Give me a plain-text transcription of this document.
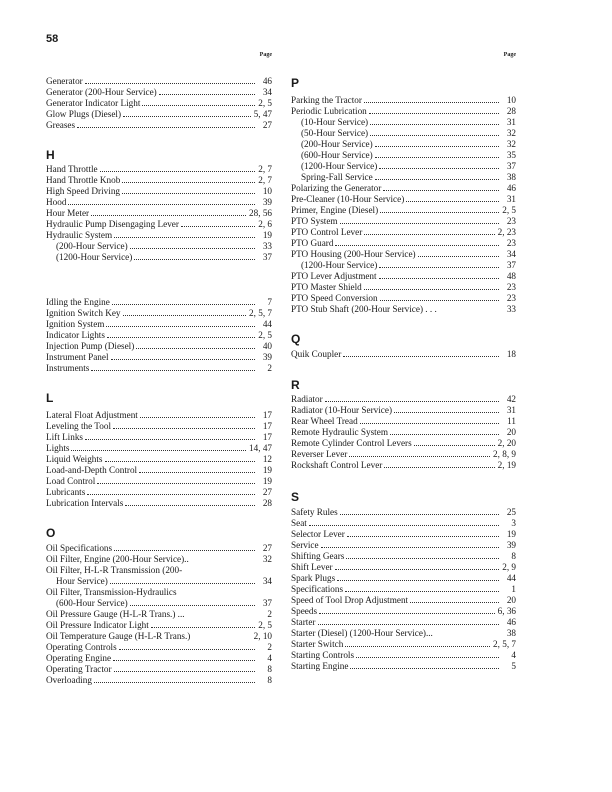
58
Page
Generator	46
Generator (200-Hour Service)	34
Generator Indicator Light	2, 5
Glow Plugs (Diesel)	5, 47
Greases	27
H
Hand Throttle	2, 7
Hand Throttle Knob	2, 7
High Speed Driving	10
Hood	39
Hour Meter	28, 56
Hydraulic Pump Disengaging Lever	2, 6
Hydraulic System	19
(200-Hour Service)	33
(1200-Hour Service)	37
Idling the Engine	7
Ignition Switch Key	2, 5, 7
Ignition System	44
Indicator Lights	2, 5
Injection Pump (Diesel)	40
Instrument Panel	39
Instruments	2
L
Lateral Float Adjustment	17
Leveling the Tool	17
Lift Links	17
Lights	14, 47
Liquid Weights	12
Load-and-Depth Control	19
Load Control	19
Lubricants	27
Lubrication Intervals	28
O
Oil Specifications	27
Oil Filter, Engine (200-Hour Service)..	32
Oil Filter, H-L-R Transmission (200-
Hour Service)	34
Oil Filter, Transmission-Hydraulics
(600-Hour Service)	37
Oil Pressure Gauge (H-L-R Trans.) ...	2
Oil Pressure Indicator Light	2, 5
Oil Temperature Gauge (H-L-R Trans.)	2, 10
Operating Controls	2
Operating Engine	4
Operating Tractor	8
Overloading	8
Page
P
Parking the Tractor	10
Periodic Lubrication	28
(10-Hour Service)	31
(50-Hour Service)	32
(200-Hour Service)	32
(600-Hour Service)	35
(1200-Hour Service)	37
Spring-Fall Service	38
Polarizing the Generator	46
Pre-Cleaner (10-Hour Service)	31
Primer, Engine (Diesel)	2, 5
PTO System	23
PTO Control Lever	2, 23
PTO Guard	23
PTO Housing (200-Hour Service)	34
(1200-Hour Service)	37
PTO Lever Adjustment	48
PTO Master Shield	23
PTO Speed Conversion	23
PTO Stub Shaft (200-Hour Service) . . .	33
Q
Quik Coupler	18
R
Radiator	42
Radiator (10-Hour Service)	31
Rear Wheel Tread	11
Remote Hydraulic System	20
Remote Cylinder Control Levers	2, 20
Reverser Lever	2, 8, 9
Rockshaft Control Lever	2, 19
S
Safety Rules	25
Seat	3
Selector Lever	19
Service	39
Shifting Gears	8
Shift Lever	2, 9
Spark Plugs	44
Specifications	1
Speed of Tool Drop Adjustment	20
Speeds	6, 36
Starter	46
Starter (Diesel) (1200-Hour Service)...	38
Starter Switch	2, 5, 7
Starting Controls	4
Starting Engine	5
